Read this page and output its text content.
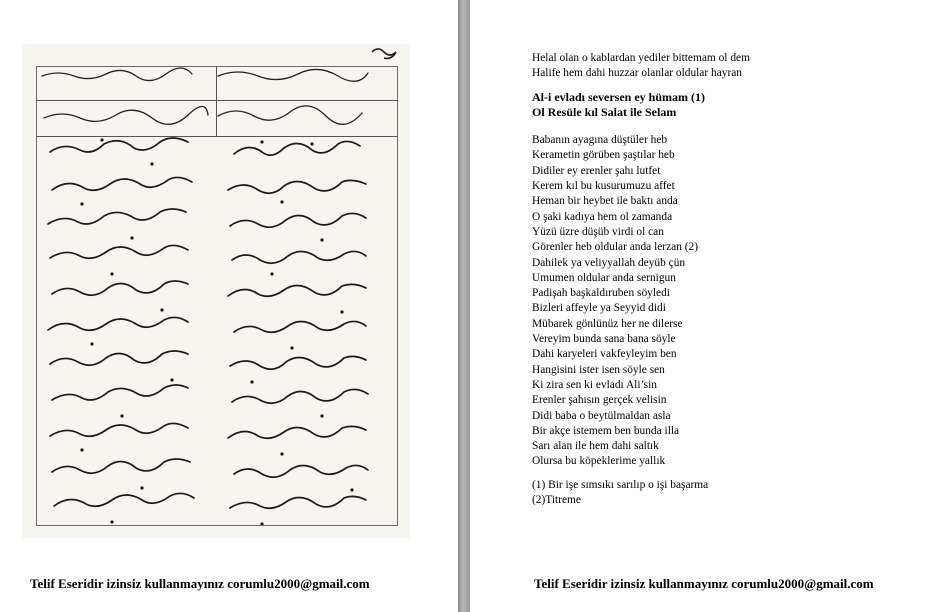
Telif Eseridir izinsiz kullanmayınız corumlu2000@gmail.com

Helal olan o kablardan yediler bittemam ol dem
Halife hem dahi huzzar olanlar oldular hayran
Al-i evladı seversen ey hümam (1)
Ol Resüle kıl Salat ile Selam
Babanın ayagına düştüler heb
Kerametin görüben şaştılar heb
Didiler ey erenler şahı lutfet
Kerem kıl bu kusurumuzu affet
Heman bir heybet ile baktı anda
O şaki kadıya hem ol zamanda
Yüzü üzre düşüb virdi ol can
Görenler heb oldular anda lerzan (2)
Dahilek ya veliyyallah deyüb çün
Umumen oldular anda sernigun
Padişah başkaldıruben söyledi
Bizleri affeyle ya Seyyid didi
Mübarek gönlünüz her ne dilerse
Vereyim bunda sana bana söyle
Dahi karyeleri vakfeyleyim ben
Hangisini ister isen söyle sen
Ki zira sen ki evladı Ali’sin
Erenler şahısın gerçek velisin
Didi baba o beytülmaldan asla
Bir akçe istemem ben bunda illa
Sarı alan ile hem dahi saltık
Olursa bu köpeklerime yallık
(1) Bir işe sımsıkı sarılıp o işi başarma
(2)Titreme

Telif Eseridir izinsiz kullanmayınız corumlu2000@gmail.com
